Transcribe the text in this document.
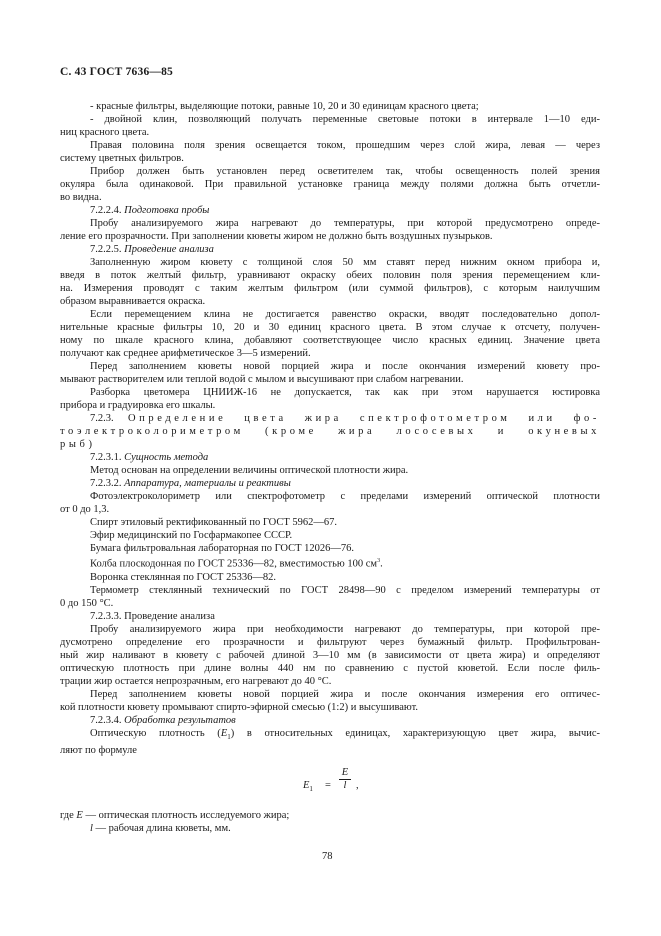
С. 43 ГОСТ 7636—85

- красные фильтры, выделяющие потоки, равные 10, 20 и 30 единицам красного цвета;

- двойной клин, позволяющий получать переменные световые потоки в интервале 1—10 еди-

ниц красного цвета.

Правая половина поля зрения освещается током, прошедшим через слой жира, левая — через

систему цветных фильтров.

Прибор должен быть установлен перед осветителем так, чтобы освещенность полей зрения

окуляра была одинаковой. При правильной установке граница между полями должна быть отчетли-

во видна.

7.2.2.4. Подготовка пробы

Пробу анализируемого жира нагревают до температуры, при которой предусмотрено опреде-

ление его прозрачности. При заполнении кюветы жиром не должно быть воздушных пузырьков.

7.2.2.5. Проведение анализа

Заполненную жиром кювету с толщиной слоя 50 мм ставят перед нижним окном прибора и,

введя в поток желтый фильтр, уравнивают окраску обеих половин поля зрения перемещением кли-

на. Измерения проводят с таким желтым фильтром (или суммой фильтров), с которым наилучшим

образом выравнивается окраска.

Если перемещением клина не достигается равенство окраски, вводят последовательно допол-

нительные красные фильтры 10, 20 и 30 единиц красного цвета. В этом случае к отсчету, получен-

ному по шкале красного клина, добавляют соответствующее число красных единиц. Значение цвета

получают как среднее арифметическое 3—5 измерений.

Перед заполнением кюветы новой порцией жира и после окончания измерений кювету про-

мывают растворителем или теплой водой с мылом и высушивают при слабом нагревании.

Разборка цветомера ЦНИИЖ-16 не допускается, так как при этом нарушается юстировка

прибора и градуировка его шкалы.

7.2.3. Определение цвета жира спектрофотометром или фо-

тоэлектроколориметром (кроме жира лососевых и окуневых

рыб)

7.2.3.1. Сущность метода

Метод основан на определении величины оптической плотности жира.

7.2.3.2. Аппаратура, материалы и реактивы

Фотоэлектроколориметр или спектрофотометр с пределами измерений оптической плотности

от 0 до 1,3.

Спирт этиловый ректификованный по ГОСТ 5962—67.

Эфир медицинский по Госфармакопее СССР.

Бумага фильтровальная лабораторная по ГОСТ 12026—76.

Колба плоскодонная по ГОСТ 25336—82, вместимостью 100 $см^3$.

Воронка стеклянная по ГОСТ 25336—82.

Термометр стеклянный технический по ГОСТ 28498—90 с пределом измерений температуры от

0 до 150 °С.

7.2.3.3. Проведение анализа

Пробу анализируемого жира при необходимости нагревают до температуры, при которой пре-

дусмотрено определение его прозрачности и фильтруют через бумажный фильтр. Профильтрован-

ный жир наливают в кювету с рабочей длиной 3—10 мм (в зависимости от цвета жира) и определяют

оптическую плотность при длине волны 440 нм по сравнению с пустой кюветой. Если после филь-

трации жир остается непрозрачным, его нагревают до 40 °С.

Перед заполнением кюветы новой порцией жира и после окончания измерения его оптичес-

кой плотности кювету промывают спирто-эфирной смесью (1:2) и высушивают.

7.2.3.4. Обработка результатов

Оптическую плотность $(E_1)$ в относительных единицах, характеризующую цвет жира, вычис-

ляют по формуле

$E_1 = \frac{E}{l}$ ,

где E — оптическая плотность исследуемого жира;

l — рабочая длина кюветы, мм.

78
